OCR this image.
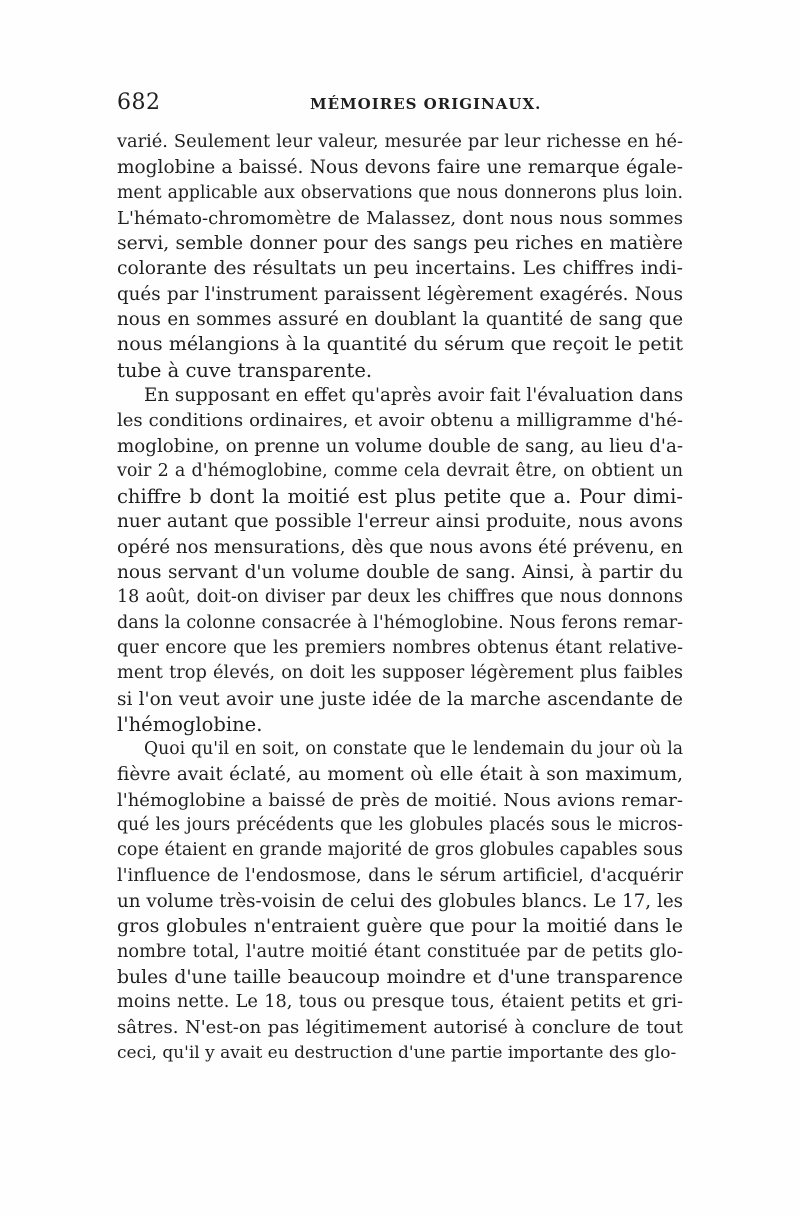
682	MÉMOIRES ORIGINAUX.
varié. Seulement leur valeur, mesurée par leur richesse en hé-
moglobine a baissé. Nous devons faire une remarque égale-
ment applicable aux observations que nous donnerons plus loin.
L'hémato-chromomètre de Malassez, dont nous nous sommes
servi, semble donner pour des sangs peu riches en matière
colorante des résultats un peu incertains. Les chiffres indi-
qués par l'instrument paraissent légèrement exagérés. Nous
nous en sommes assuré en doublant la quantité de sang que
nous mélangions à la quantité du sérum que reçoit le petit
tube à cuve transparente.
En supposant en effet qu'après avoir fait l'évaluation dans
les conditions ordinaires, et avoir obtenu a milligramme d'hé-
moglobine, on prenne un volume double de sang, au lieu d'a-
voir 2 a d'hémoglobine, comme cela devrait être, on obtient un
chiffre b dont la moitié est plus petite que a. Pour dimi-
nuer autant que possible l'erreur ainsi produite, nous avons
opéré nos mensurations, dès que nous avons été prévenu, en
nous servant d'un volume double de sang. Ainsi, à partir du
18 août, doit-on diviser par deux les chiffres que nous donnons
dans la colonne consacrée à l'hémoglobine. Nous ferons remar-
quer encore que les premiers nombres obtenus étant relative-
ment trop élevés, on doit les supposer légèrement plus faibles
si l'on veut avoir une juste idée de la marche ascendante de
l'hémoglobine.
Quoi qu'il en soit, on constate que le lendemain du jour où la
fièvre avait éclaté, au moment où elle était à son maximum,
l'hémoglobine a baissé de près de moitié. Nous avions remar-
qué les jours précédents que les globules placés sous le micros-
cope étaient en grande majorité de gros globules capables sous
l'influence de l'endosmose, dans le sérum artificiel, d'acquérir
un volume très-voisin de celui des globules blancs. Le 17, les
gros globules n'entraient guère que pour la moitié dans le
nombre total, l'autre moitié étant constituée par de petits glo-
bules d'une taille beaucoup moindre et d'une transparence
moins nette. Le 18, tous ou presque tous, étaient petits et gri-
sâtres. N'est-on pas légitimement autorisé à conclure de tout
ceci, qu'il y avait eu destruction d'une partie importante des glo-
